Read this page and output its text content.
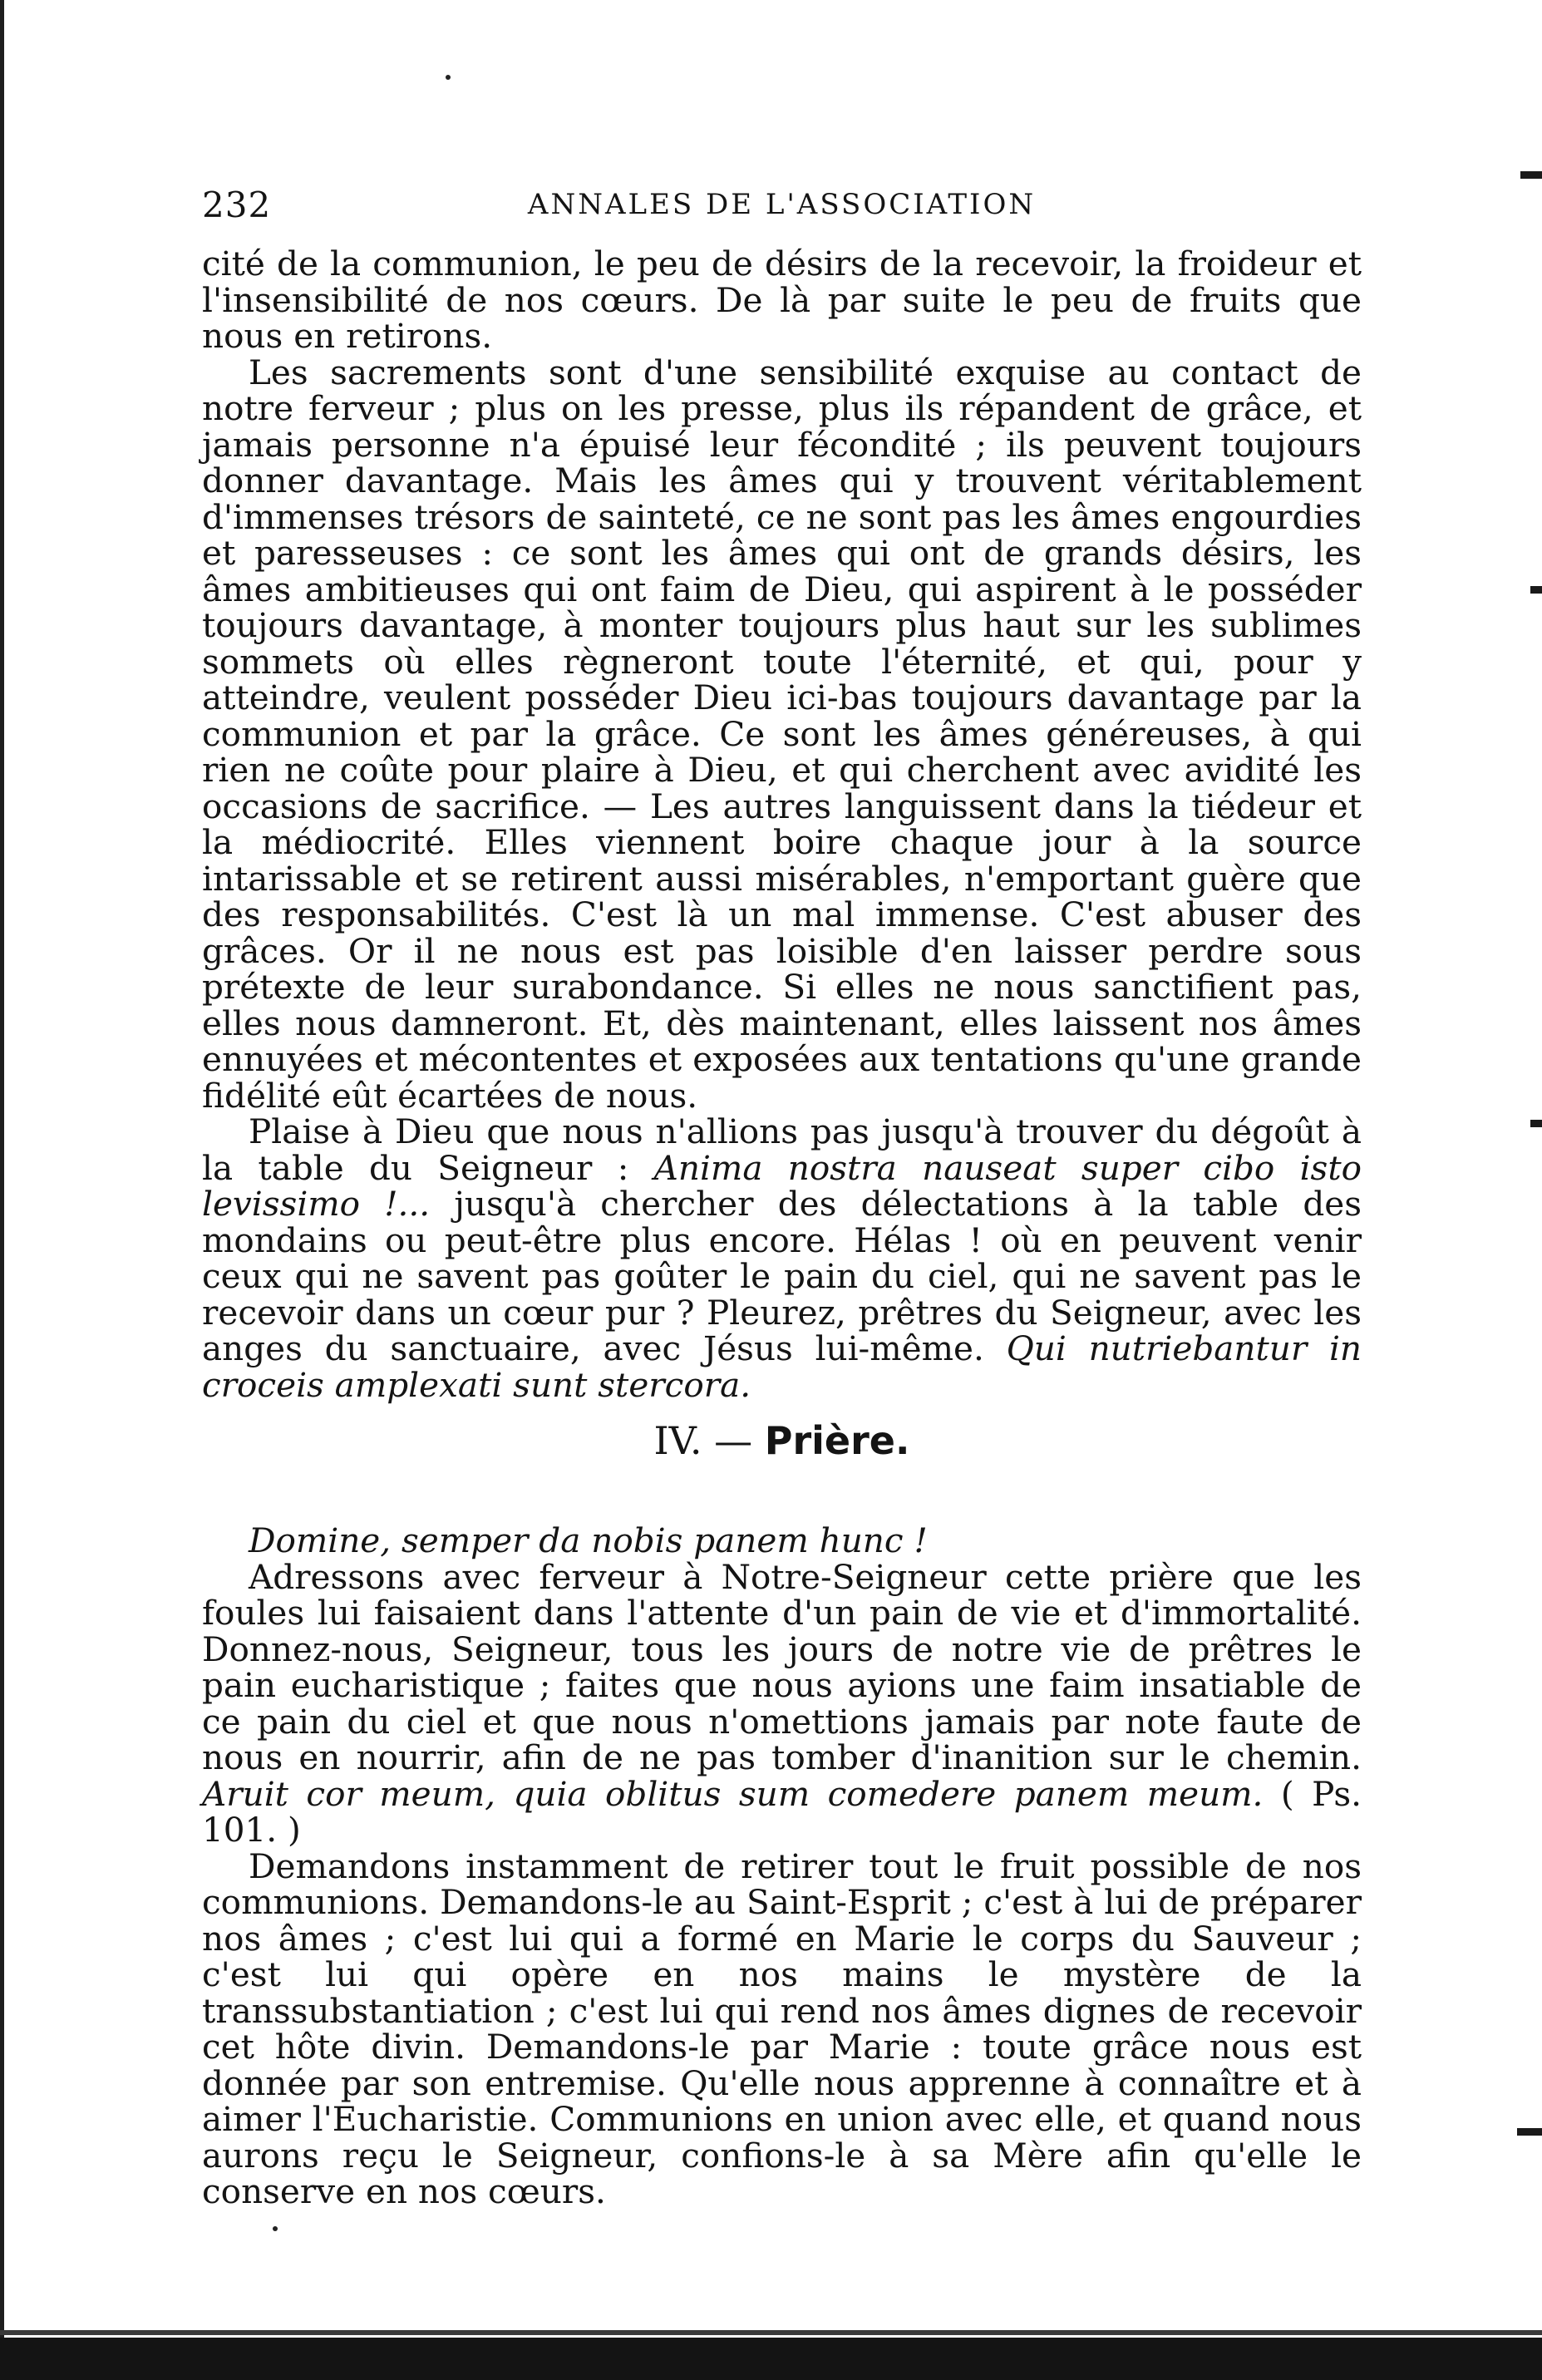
232	ANNALES DE L'ASSOCIATION

cité de la communion, le peu de désirs de la recevoir, la froideur et l'insensibilité de nos cœurs. De là par suite le peu de fruits que nous en retirons.

Les sacrements sont d'une sensibilité exquise au contact de notre ferveur ; plus on les presse, plus ils répandent de grâce, et jamais personne n'a épuisé leur fécondité ; ils peuvent toujours donner davantage. Mais les âmes qui y trouvent véritablement d'immenses trésors de sainteté, ce ne sont pas les âmes engourdies et paresseuses : ce sont les âmes qui ont de grands désirs, les âmes ambitieuses qui ont faim de Dieu, qui aspirent à le posséder toujours davantage, à monter toujours plus haut sur les sublimes sommets où elles règneront toute l'éternité, et qui, pour y atteindre, veulent posséder Dieu ici-bas toujours davantage par la communion et par la grâce. Ce sont les âmes généreuses, à qui rien ne coûte pour plaire à Dieu, et qui cherchent avec avidité les occasions de sacrifice. — Les autres languissent dans la tiédeur et la médiocrité. Elles viennent boire chaque jour à la source intarissable et se retirent aussi misérables, n'emportant guère que des responsabilités. C'est là un mal immense. C'est abuser des grâces. Or il ne nous est pas loisible d'en laisser perdre sous prétexte de leur surabondance. Si elles ne nous sanctifient pas, elles nous damneront. Et, dès maintenant, elles laissent nos âmes ennuyées et mécontentes et exposées aux tentations qu'une grande fidélité eût écartées de nous.

Plaise à Dieu que nous n'allions pas jusqu'à trouver du dégoût à la table du Seigneur : Anima nostra nauseat super cibo isto levissimo !... jusqu'à chercher des délectations à la table des mondains ou peut-être plus encore. Hélas ! où en peuvent venir ceux qui ne savent pas goûter le pain du ciel, qui ne savent pas le recevoir dans un cœur pur ? Pleurez, prêtres du Seigneur, avec les anges du sanctuaire, avec Jésus lui-même. Qui nutriebantur in croceis amplexati sunt stercora.

IV. — Prière.

Domine, semper da nobis panem hunc !

Adressons avec ferveur à Notre-Seigneur cette prière que les foules lui faisaient dans l'attente d'un pain de vie et d'immortalité. Donnez-nous, Seigneur, tous les jours de notre vie de prêtres le pain eucharistique ; faites que nous ayions une faim insatiable de ce pain du ciel et que nous n'omettions jamais par note faute de nous en nourrir, afin de ne pas tomber d'inanition sur le chemin. Aruit cor meum, quia oblitus sum comedere panem meum. ( Ps. 101. )

Demandons instamment de retirer tout le fruit possible de nos communions. Demandons-le au Saint-Esprit ; c'est à lui de préparer nos âmes ; c'est lui qui a formé en Marie le corps du Sauveur ; c'est lui qui opère en nos mains le mystère de la transsubstantiation ; c'est lui qui rend nos âmes dignes de recevoir cet hôte divin. Demandons-le par Marie : toute grâce nous est donnée par son entremise. Qu'elle nous apprenne à connaître et à aimer l'Eucharistie. Communions en union avec elle, et quand nous aurons reçu le Seigneur, confions-le à sa Mère afin qu'elle le conserve en nos cœurs.
